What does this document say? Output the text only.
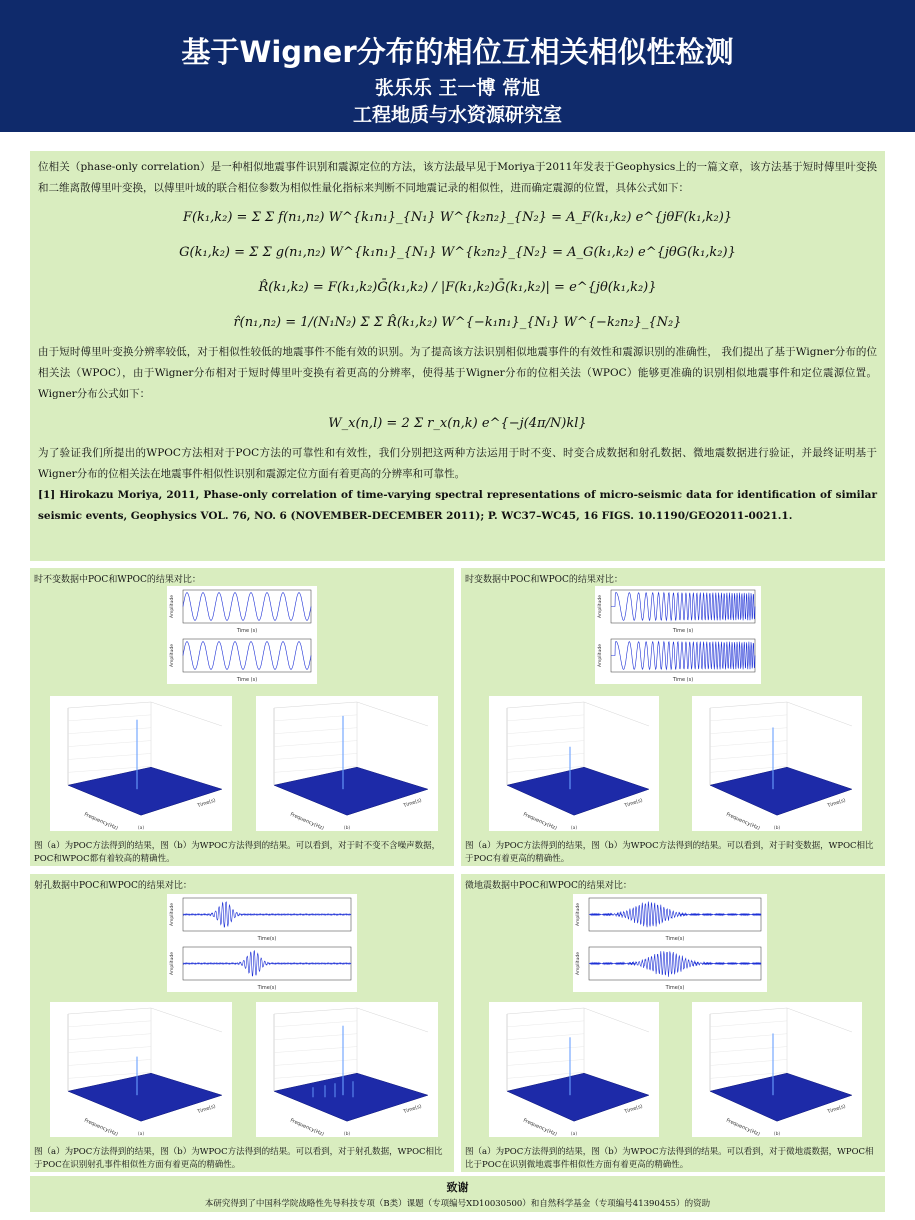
基于Wigner分布的相位互相关相似性检测
张乐乐 王一博 常旭
工程地质与水资源研究室

位相关（phase-only correlation）是一种相似地震事件识别和震源定位的方法，该方法最早见于Moriya于2011年发表于Geophysics上的一篇文章，该方法基于短时傅里叶变换和二维离散傅里叶变换，以傅里叶域的联合相位参数为相似性量化指标来判断不同地震记录的相似性，进而确定震源的位置，具体公式如下：

F(k₁,k₂) = Σ Σ f(n₁,n₂) W^{k₁n₁}_{N₁} W^{k₂n₂}_{N₂} = A_F(k₁,k₂) e^{jθF(k₁,k₂)}
G(k₁,k₂) = Σ Σ g(n₁,n₂) W^{k₁n₁}_{N₁} W^{k₂n₂}_{N₂} = A_G(k₁,k₂) e^{jθG(k₁,k₂)}
R̂(k₁,k₂) = F(k₁,k₂)Ḡ(k₁,k₂) / |F(k₁,k₂)Ḡ(k₁,k₂)| = e^{jθ(k₁,k₂)}
r̂(n₁,n₂) = 1/(N₁N₂) Σ Σ R̂(k₁,k₂) W^{−k₁n₁}_{N₁} W^{−k₂n₂}_{N₂}

由于短时傅里叶变换分辨率较低，对于相似性较低的地震事件不能有效的识别。为了提高该方法识别相似地震事件的有效性和震源识别的准确性， 我们提出了基于Wigner分布的位相关法（WPOC），由于Wigner分布相对于短时傅里叶变换有着更高的分辨率，使得基于Wigner分布的位相关法（WPOC）能够更准确的识别相似地震事件和定位震源位置。Wigner分布公式如下：

W_x(n,l) = 2 Σ r_x(n,k) e^{−j(4π/N)kl}

为了验证我们所提出的WPOC方法相对于POC方法的可靠性和有效性，我们分别把这两种方法运用于时不变、时变合成数据和射孔数据、微地震数据进行验证，并最终证明基于Wigner分布的位相关法在地震事件相似性识别和震源定位方面有着更高的分辨率和可靠性。

[1] Hirokazu Moriya, 2011, Phase-only correlation of time-varying spectral representations of micro-seismic data for identification of similar seismic events, Geophysics VOL. 76, NO. 6 (NOVEMBER-DECEMBER 2011); P. WC37–WC45, 16 FIGS. 10.1190/GEO2011-0021.1.

时不变数据中POC和WPOC的结果对比：
Time (s)
Amplitude
Time (s)
Amplitude
Frequency(Hz)
Time(s)
(a)	Frequency(Hz)
Time(s)
(b)
图（a）为POC方法得到的结果，图（b）为WPOC方法得到的结果。可以看到，对于时不变不含噪声数据，POC和WPOC都有着较高的精确性。
时变数据中POC和WPOC的结果对比：
Time (s)
Amplitude
Time (s)
Amplitude
Frequency(Hz)
Time(s)
(a)	Frequency(Hz)
Time(s)
(b)
图（a）为POC方法得到的结果，图（b）为WPOC方法得到的结果。可以看到，对于时变数据，WPOC相比于POC有着更高的精确性。
射孔数据中POC和WPOC的结果对比：
Time(s)
Amplitude
Time(s)
Amplitude
Frequency(Hz)
Time(s)
(a)	Frequency(Hz)
Time(s)
(b)
图（a）为POC方法得到的结果，图（b）为WPOC方法得到的结果。可以看到，对于射孔数据，WPOC相比于POC在识别射孔事件相似性方面有着更高的精确性。
微地震数据中POC和WPOC的结果对比：
Time(s)
Amplitude
Time(s)
Amplitude
Frequency(Hz)
Time(s)
(a)	Frequency(Hz)
Time(s)
(b)
图（a）为POC方法得到的结果，图（b）为WPOC方法得到的结果。可以看到，对于微地震数据，WPOC相比于POC在识别微地震事件相似性方面有着更高的精确性。
致谢
本研究得到了中国科学院战略性先导科技专项（B类）课题（专项编号XD10030500）和自然科学基金（专项编号41390455）的资助
